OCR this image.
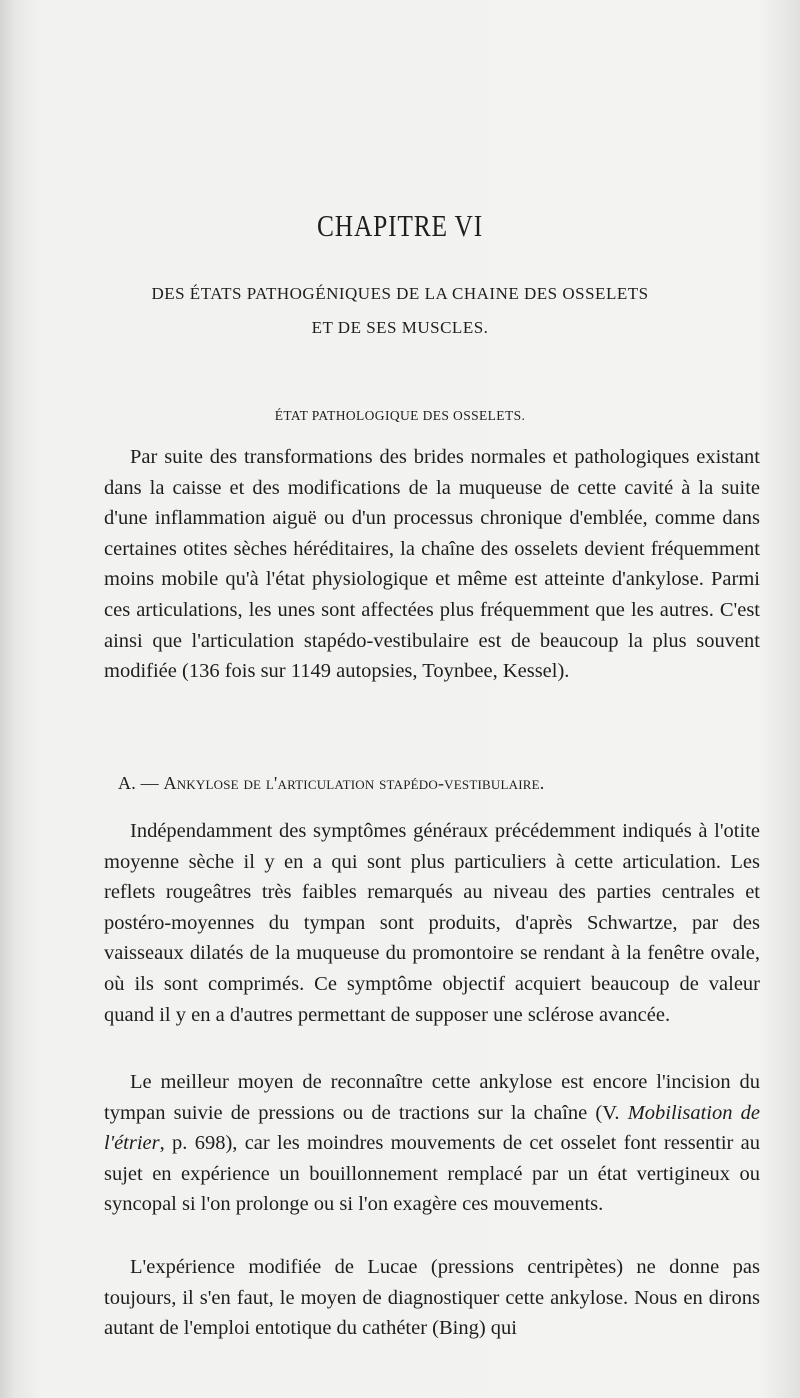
CHAPITRE VI
DES ÉTATS PATHOGÉNIQUES DE LA CHAINE DES OSSELETS
ET DE SES MUSCLES.
ÉTAT PATHOLOGIQUE DES OSSELETS.

Par suite des transformations des brides normales et pathologiques existant dans la caisse et des modifications de la muqueuse de cette cavité à la suite d'une inflammation aiguë ou d'un processus chronique d'emblée, comme dans certaines otites sèches héréditaires, la chaîne des osselets devient fréquemment moins mobile qu'à l'état physiologique et même est atteinte d'ankylose. Parmi ces articulations, les unes sont affectées plus fréquemment que les autres. C'est ainsi que l'articulation stapédo-vestibulaire est de beaucoup la plus souvent modifiée (136 fois sur 1149 autopsies, Toynbee, Kessel).

A. — Ankylose de l'articulation stapédo-vestibulaire.

Indépendamment des symptômes généraux précédemment indiqués à l'otite moyenne sèche il y en a qui sont plus particuliers à cette articulation. Les reflets rougeâtres très faibles remarqués au niveau des parties centrales et postéro-moyennes du tympan sont produits, d'après Schwartze, par des vaisseaux dilatés de la muqueuse du promontoire se rendant à la fenêtre ovale, où ils sont comprimés. Ce symptôme objectif acquiert beaucoup de valeur quand il y en a d'autres permettant de supposer une sclérose avancée.

Le meilleur moyen de reconnaître cette ankylose est encore l'incision du tympan suivie de pressions ou de tractions sur la chaîne (V. Mobilisation de l'étrier, p. 698), car les moindres mouvements de cet osselet font ressentir au sujet en expérience un bouillonnement remplacé par un état vertigineux ou syncopal si l'on prolonge ou si l'on exagère ces mouvements.

L'expérience modifiée de Lucae (pressions centripètes) ne donne pas toujours, il s'en faut, le moyen de diagnostiquer cette ankylose. Nous en dirons autant de l'emploi entotique du cathéter (Bing) qui
